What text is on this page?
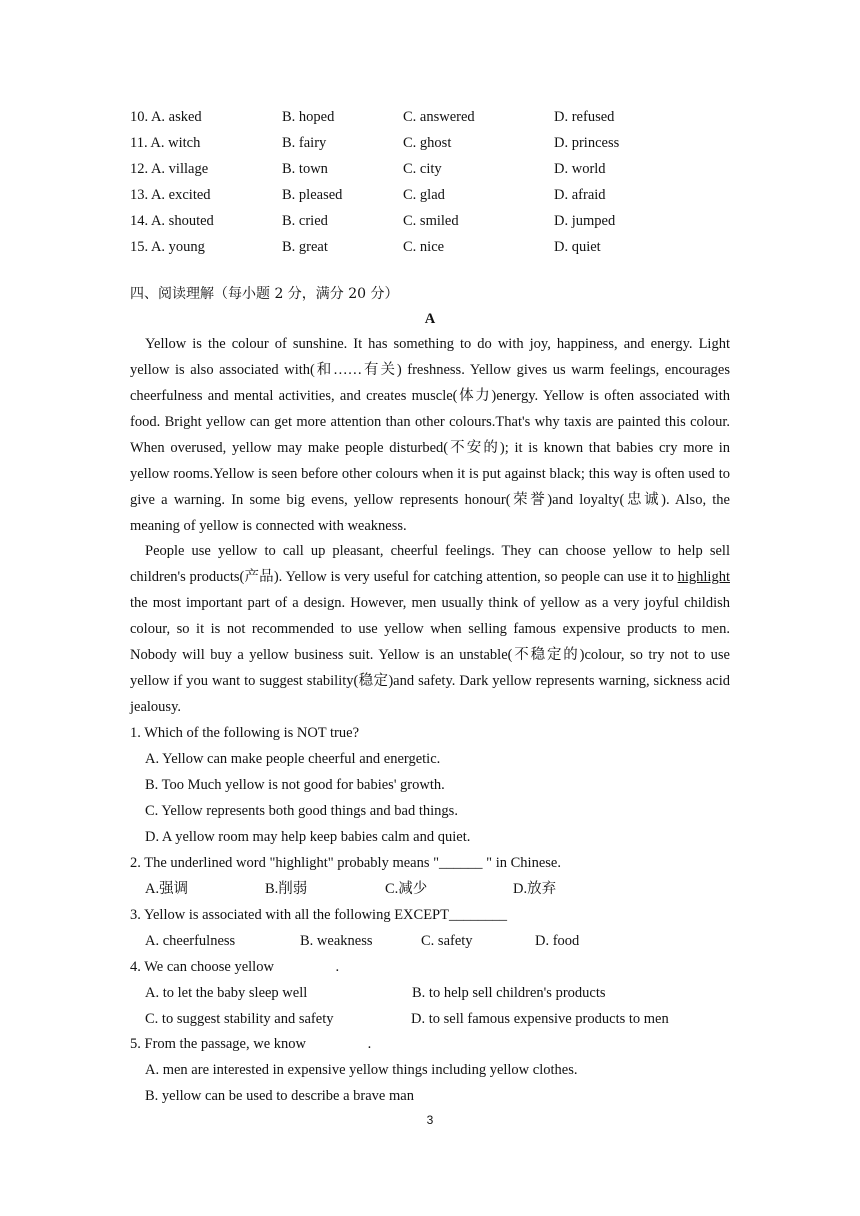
10. A. asked	B. hoped	C. answered	D. refused
11. A. witch	B. fairy	C. ghost	D. princess
12. A. village	B. town	C. city	D. world
13. A. excited	B. pleased	C. glad	D. afraid
14. A. shouted	B. cried	C. smiled	D. jumped
15. A. young	B. great	C. nice	D. quiet
四、阅读理解（每小题 2 分，满分 20 分）
A

Yellow is the colour of sunshine. It has something to do with joy, happiness, and energy. Light yellow is also associated with(和……有关) freshness. Yellow gives us warm feelings, encourages cheerfulness and mental activities, and creates muscle(体力)energy. Yellow is often associated with food. Bright yellow can get more attention than other colours.That's why taxis are painted this colour. When overused, yellow may make people disturbed(不安的); it is known that babies cry more in yellow rooms.Yellow is seen before other colours when it is put against black; this way is often used to give a warning. In some big evens, yellow represents honour(荣誉)and loyalty(忠诚). Also, the meaning of yellow is connected with weakness.

People use yellow to call up pleasant, cheerful feelings. They can choose yellow to help sell children's products(产品). Yellow is very useful for catching attention, so people can use it to highlight the most important part of a design. However, men usually think of yellow as a very joyful childish colour, so it is not recommended to use yellow when selling famous expensive products to men. Nobody will buy a yellow business suit. Yellow is an unstable(不稳定的)colour, so try not to use yellow if you want to suggest stability(稳定)and safety. Dark yellow represents warning, sickness acid jealousy.

1. Which of the following is NOT true?
A. Yellow can make people cheerful and energetic.
B. Too Much yellow is not good for babies' growth.
C. Yellow represents both good things and bad things.
D. A yellow room may help keep babies calm and quiet.
2. The underlined word "highlight" probably means "______ " in Chinese.
A.强调	B.削弱	C.减少	D.放弃
3. Yellow is associated with all the following EXCEPT________
A. cheerfulness	B. weakness	C. safety	D. food
4. We can choose yellow                 .
A. to let the baby sleep well	B. to help sell children's products
C. to suggest stability and safety	D. to sell famous expensive products to men
5. From the passage, we know                 .
A. men are interested in expensive yellow things including yellow clothes.
B. yellow can be used to describe a brave man
3
